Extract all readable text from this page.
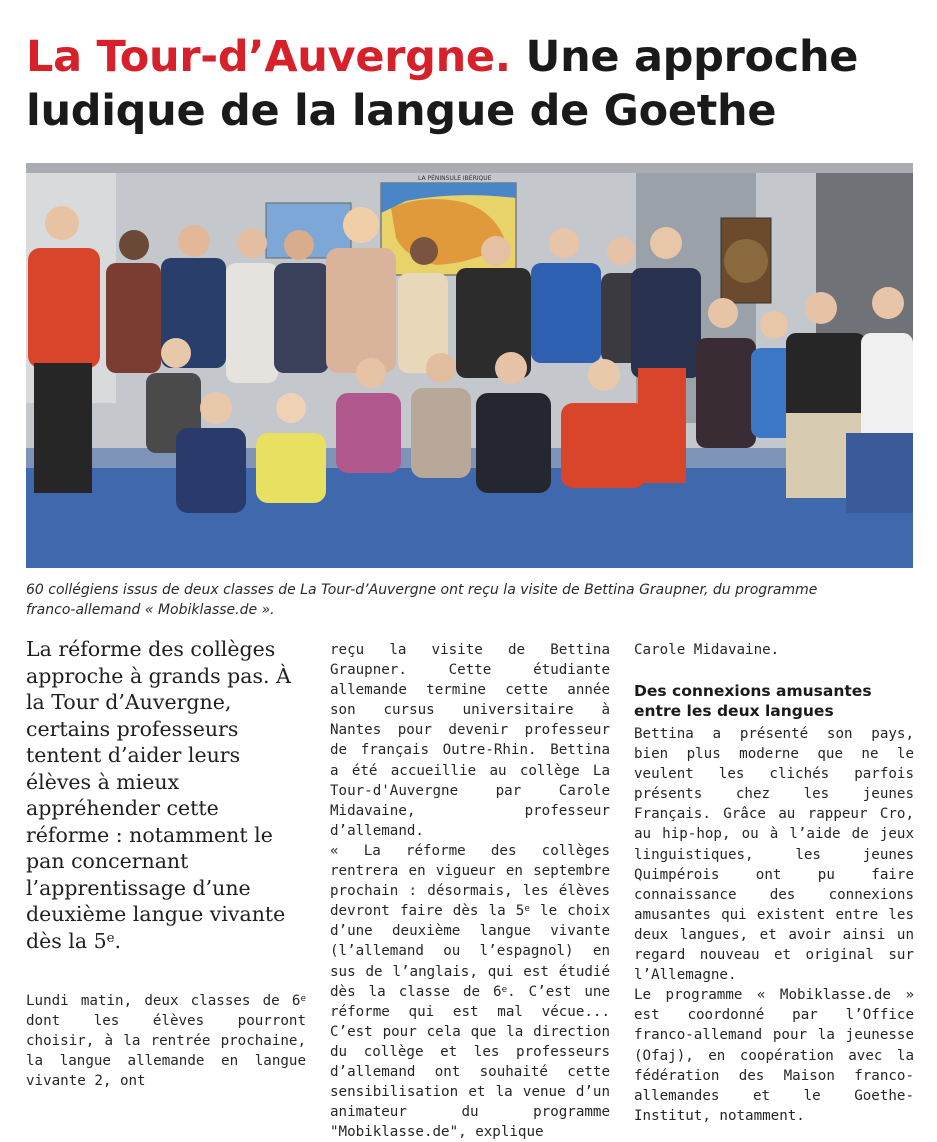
La Tour-d’Auvergne. Une approche ludique de la langue de Goethe
LA PÉNINSULE IBÉRIQUE

60 collégiens issus de deux classes de La Tour-d’Auvergne ont reçu la visite de Bettina Graupner, du programme
franco-allemand « Mobiklasse.de ».

La réforme des collèges approche à grands pas. À la Tour d’Auvergne, certains professeurs tentent d’aider leurs élèves à mieux appréhender cette réforme : notamment le pan concernant l’apprentissage d’une deuxième langue vivante dès la 5e.

Lundi matin, deux classes de 6e dont les élèves pourront choisir, à la rentrée prochaine, la langue allemande en langue vivante 2, ont

reçu la visite de Bettina Graupner. Cette étudiante allemande termine cette année son cursus universitaire à Nantes pour devenir professeur de français Outre-Rhin. Bettina a été accueillie au collège La Tour-d'Auvergne par Carole Midavaine, professeur d’allemand.

« La réforme des collèges rentrera en vigueur en septembre prochain : désormais, les élèves devront faire dès la 5e le choix d’une deuxième langue vivante (l’allemand ou l’espagnol) en sus de l’anglais, qui est étudié dès la classe de 6e. C’est une réforme qui est mal vécue... C’est pour cela que la direction du collège et les professeurs d’allemand ont souhaité cette sensibilisation et la venue d’un animateur du programme "Mobiklasse.de", explique

Carole Midavaine.

Des connexions amusantes entre les deux langues

Bettina a présenté son pays, bien plus moderne que ne le veulent les clichés parfois présents chez les jeunes Français. Grâce au rappeur Cro, au hip-hop, ou à l’aide de jeux linguistiques, les jeunes Quimpérois ont pu faire connaissance des connexions amusantes qui existent entre les deux langues, et avoir ainsi un regard nouveau et original sur l’Allemagne.

Le programme « Mobiklasse.de » est coordonné par l’Office franco-allemand pour la jeunesse (Ofaj), en coopération avec la fédération des Maison franco-allemandes et le Goethe-Institut, notamment.
